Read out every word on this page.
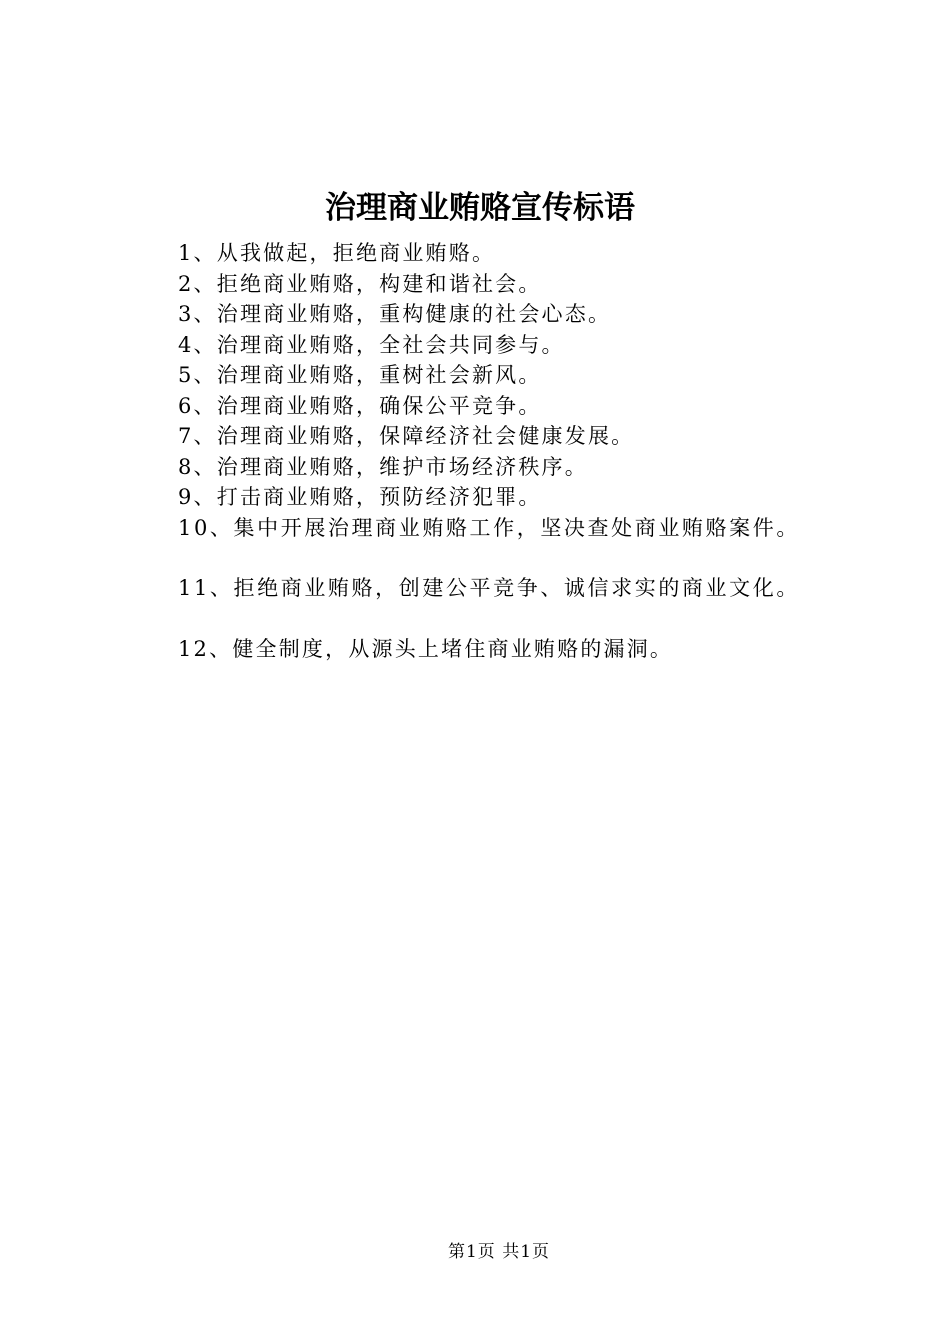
治理商业贿赂宣传标语
1、从我做起，拒绝商业贿赂。
2、拒绝商业贿赂，构建和谐社会。
3、治理商业贿赂，重构健康的社会心态。
4、治理商业贿赂，全社会共同参与。
5、治理商业贿赂，重树社会新风。
6、治理商业贿赂，确保公平竞争。
7、治理商业贿赂，保障经济社会健康发展。
8、治理商业贿赂，维护市场经济秩序。
9、打击商业贿赂，预防经济犯罪。
10、集中开展治理商业贿赂工作，坚决查处商业贿赂案件。
11、拒绝商业贿赂，创建公平竞争、诚信求实的商业文化。
12、健全制度，从源头上堵住商业贿赂的漏洞。
第1页 共1页
